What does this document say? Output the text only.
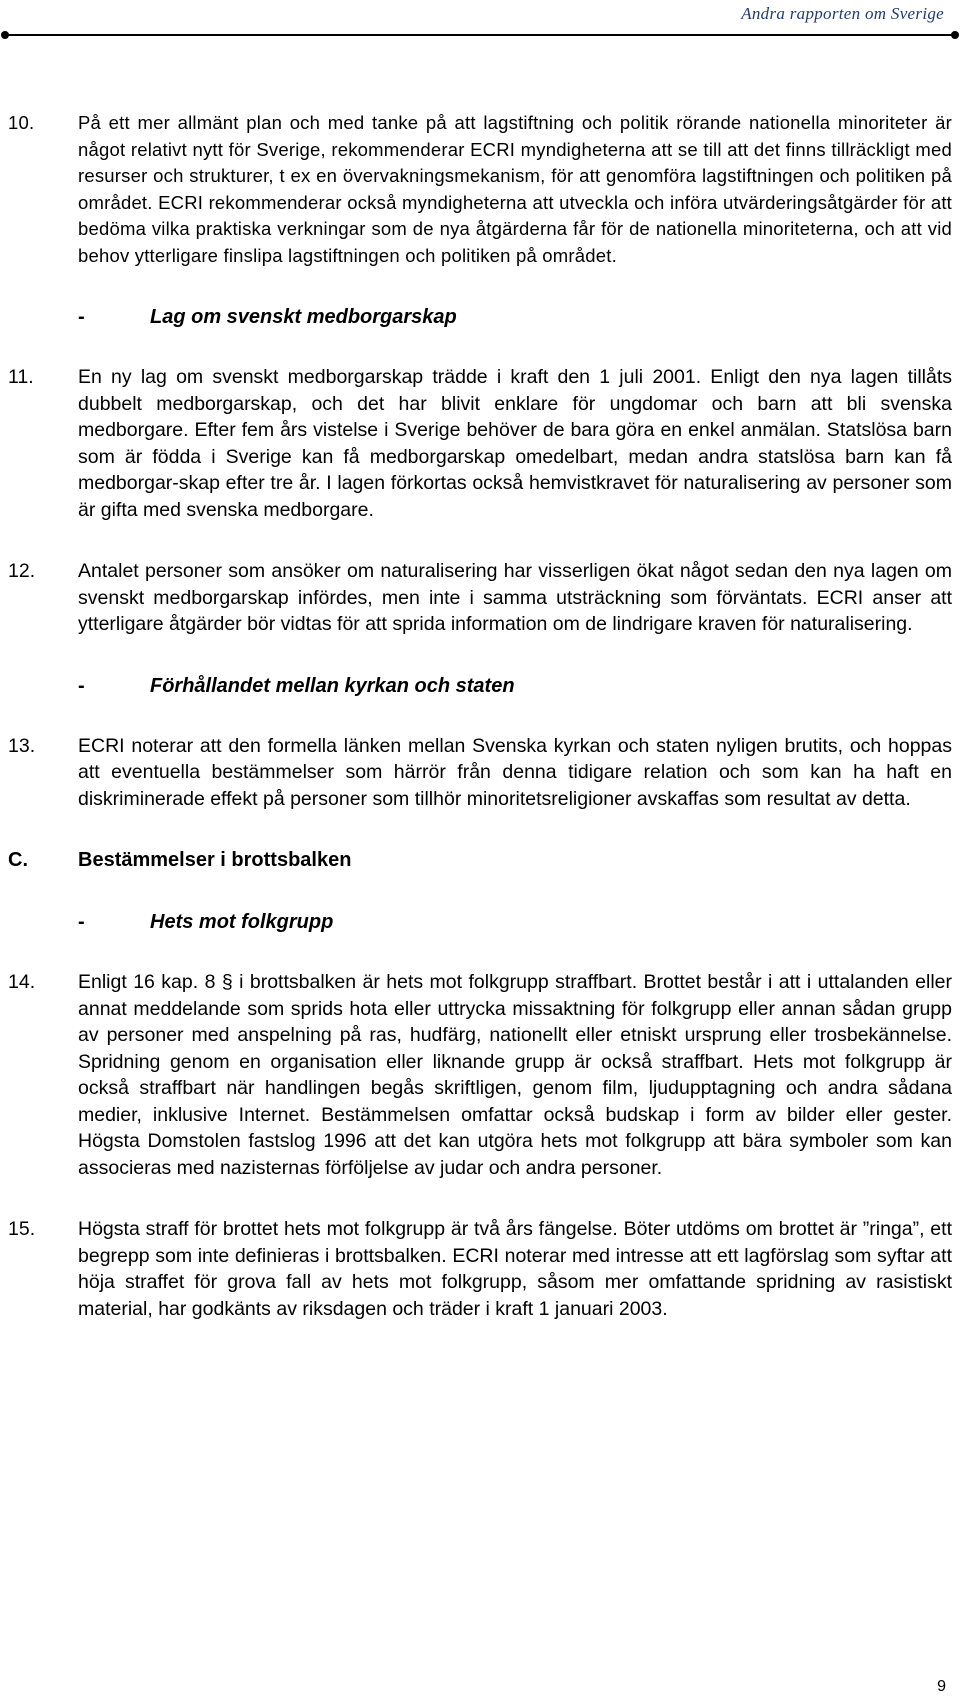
Andra rapporten om Sverige
10. På ett mer allmänt plan och med tanke på att lagstiftning och politik rörande nationella minoriteter är något relativt nytt för Sverige, rekommenderar ECRI myndigheterna att se till att det finns tillräckligt med resurser och strukturer, t ex en övervakningsmekanism, för att genomföra lagstiftningen och politiken på området. ECRI rekommenderar också myndigheterna att utveckla och införa utvärderingsåtgärder för att bedöma vilka praktiska verkningar som de nya åtgärderna får för de nationella minoriteterna, och att vid behov ytterligare finslipa lagstiftningen och politiken på området.
-	Lag om svenskt medborgarskap
11. En ny lag om svenskt medborgarskap trädde i kraft den 1 juli 2001. Enligt den nya lagen tillåts dubbelt medborgarskap, och det har blivit enklare för ungdomar och barn att bli svenska medborgare. Efter fem års vistelse i Sverige behöver de bara göra en enkel anmälan. Statslösa barn som är födda i Sverige kan få medborgarskap omedelbart, medan andra statslösa barn kan få medborgar-skap efter tre år. I lagen förkortas också hemvistkravet för naturalisering av personer som är gifta med svenska medborgare.
12. Antalet personer som ansöker om naturalisering har visserligen ökat något sedan den nya lagen om svenskt medborgarskap infördes, men inte i samma utsträckning som förväntats. ECRI anser att ytterligare åtgärder bör vidtas för att sprida information om de lindrigare kraven för naturalisering.
-	Förhållandet mellan kyrkan och staten
13. ECRI noterar att den formella länken mellan Svenska kyrkan och staten nyligen brutits, och hoppas att eventuella bestämmelser som härrör från denna tidigare relation och som kan ha haft en diskriminerade effekt på personer som tillhör minoritetsreligioner avskaffas som resultat av detta.
C.	Bestämmelser i brottsbalken
-	Hets mot folkgrupp
14. Enligt 16 kap. 8 § i brottsbalken är hets mot folkgrupp straffbart. Brottet består i att i uttalanden eller annat meddelande som sprids hota eller uttrycka missaktning för folkgrupp eller annan sådan grupp av personer med anspelning på ras, hudfärg, nationellt eller etniskt ursprung eller trosbekännelse. Spridning genom en organisation eller liknande grupp är också straffbart. Hets mot folkgrupp är också straffbart när handlingen begås skriftligen, genom film, ljudupptagning och andra sådana medier, inklusive Internet. Bestämmelsen omfattar också budskap i form av bilder eller gester. Högsta Domstolen fastslog 1996 att det kan utgöra hets mot folkgrupp att bära symboler som kan associeras med nazisternas förföljelse av judar och andra personer.
15. Högsta straff för brottet hets mot folkgrupp är två års fängelse. Böter utdöms om brottet är ”ringa”, ett begrepp som inte definieras i brottsbalken. ECRI noterar med intresse att ett lagförslag som syftar att höja straffet för grova fall av hets mot folkgrupp, såsom mer omfattande spridning av rasistiskt material, har godkänts av riksdagen och träder i kraft 1 januari 2003.
9
